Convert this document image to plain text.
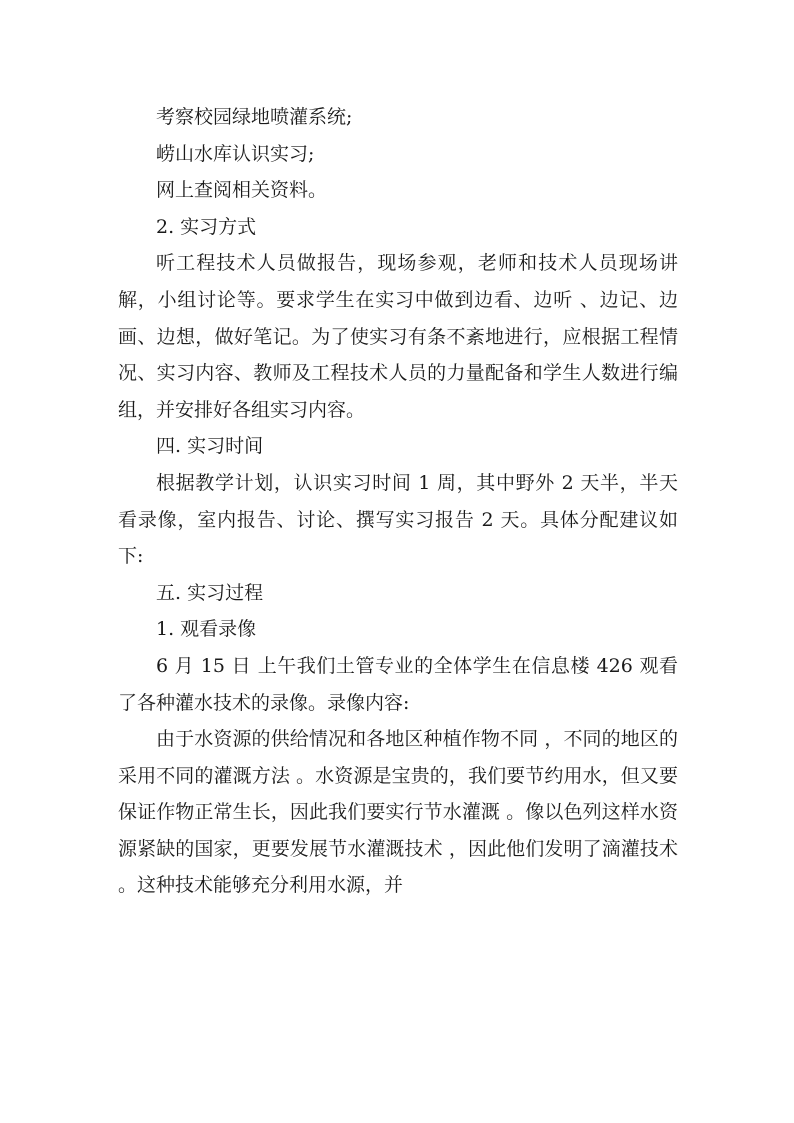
考察校园绿地喷灌系统;

崂山水库认识实习;

网上查阅相关资料。

2. 实习方式

听工程技术人员做报告，现场参观，老师和技术人员现场讲解，小组讨论等。要求学生在实习中做到边看、边听 、边记、边画、边想，做好笔记。为了使实习有条不紊地进行，应根据工程情况、实习内容、教师及工程技术人员的力量配备和学生人数进行编组，并安排好各组实习内容。

四. 实习时间

根据教学计划，认识实习时间 1 周，其中野外 2 天半，半天看录像，室内报告、讨论、撰写实习报告 2 天。具体分配建议如下:

五. 实习过程

1. 观看录像

6 月 15 日 上午我们土管专业的全体学生在信息楼 426 观看了各种灌水技术的录像。录像内容:

由于水资源的供给情况和各地区种植作物不同 ，不同的地区的采用不同的灌溉方法 。水资源是宝贵的，我们要节约用水，但又要保证作物正常生长，因此我们要实行节水灌溉 。像以色列这样水资源紧缺的国家，更要发展节水灌溉技术 ，因此他们发明了滴灌技术 。这种技术能够充分利用水源，并
